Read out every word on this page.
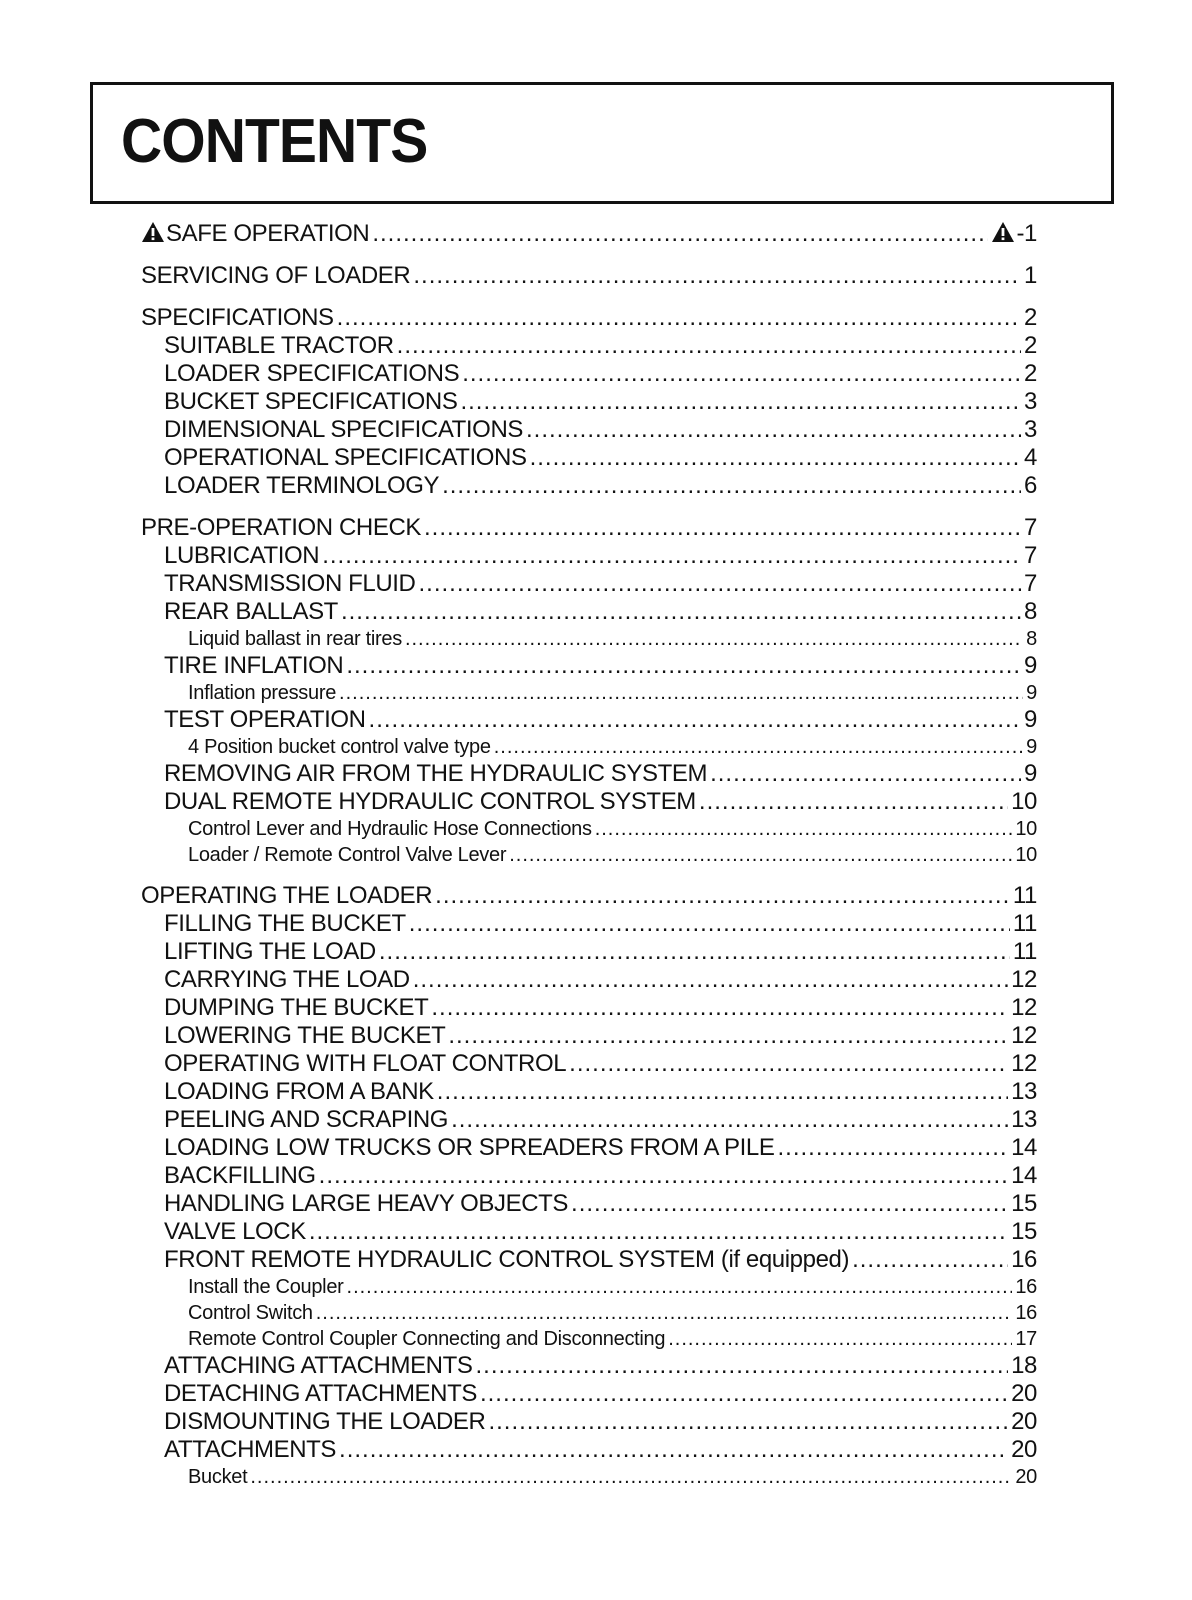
CONTENTS
SAFE OPERATION .....	-1
SERVICING OF LOADER .....	1
SPECIFICATIONS .....	2
SUITABLE TRACTOR .....	2
LOADER SPECIFICATIONS .....	2
BUCKET SPECIFICATIONS .....	3
DIMENSIONAL SPECIFICATIONS .....	3
OPERATIONAL SPECIFICATIONS .....	4
LOADER TERMINOLOGY .....	6
PRE-OPERATION CHECK .....	7
LUBRICATION .....	7
TRANSMISSION FLUID .....	7
REAR BALLAST .....	8
Liquid ballast in rear tires .....	8
TIRE INFLATION .....	9
Inflation pressure .....	9
TEST OPERATION .....	9
4 Position bucket control valve type .....	9
REMOVING AIR FROM THE HYDRAULIC SYSTEM .....	9
DUAL REMOTE HYDRAULIC CONTROL SYSTEM .....	10
Control Lever and Hydraulic Hose Connections .....	10
Loader / Remote Control Valve Lever .....	10
OPERATING THE LOADER .....	11
FILLING THE BUCKET .....	11
LIFTING THE LOAD .....	11
CARRYING THE LOAD .....	12
DUMPING THE BUCKET .....	12
LOWERING THE BUCKET .....	12
OPERATING WITH FLOAT CONTROL .....	12
LOADING FROM A BANK .....	13
PEELING AND SCRAPING .....	13
LOADING LOW TRUCKS OR SPREADERS FROM A PILE .....	14
BACKFILLING .....	14
HANDLING LARGE HEAVY OBJECTS .....	15
VALVE LOCK .....	15
FRONT REMOTE HYDRAULIC CONTROL SYSTEM (if equipped) .....	16
Install the Coupler .....	16
Control Switch .....	16
Remote Control Coupler Connecting and Disconnecting .....	17
ATTACHING ATTACHMENTS .....	18
DETACHING ATTACHMENTS .....	20
DISMOUNTING THE LOADER .....	20
ATTACHMENTS .....	20
Bucket .....	20
